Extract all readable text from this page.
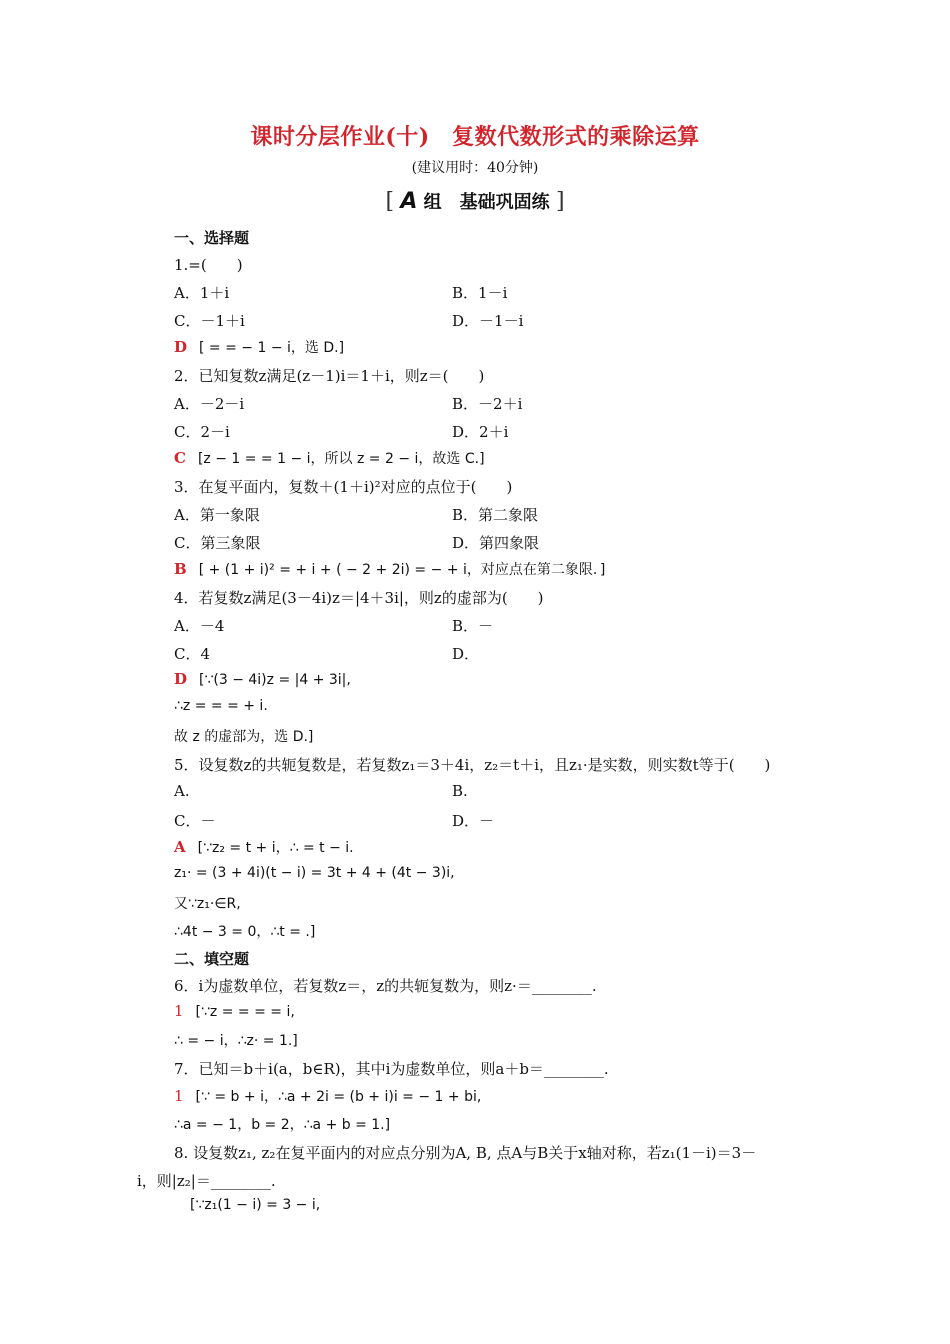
课时分层作业(十)　复数代数形式的乘除运算
(建议用时：40分钟)
[ A 组　基础巩固练 ]
一、选择题
1.=(　　)
A．1＋i	B．1－i
C．－1＋i	D．－1－i
D [ = = − 1 − i，选 D.]
2．已知复数z满足(z－1)i＝1＋i，则z＝(　　)
A．－2－i	B．－2＋i
C．2－i	D．2＋i
C [z − 1 = = 1 − i，所以 z = 2 − i，故选 C.]
3．在复平面内，复数＋(1＋i)²对应的点位于(　　)
A．第一象限	B．第二象限
C．第三象限	D．第四象限
B [ + (1 + i)² = + i + ( − 2 + 2i) = − + i，对应点在第二象限．]
4．若复数z满足(3－4i)z＝|4＋3i|，则z的虚部为(　　)
A．－4	B．－
C．4	D．
D [∵(3 − 4i)z = |4 + 3i|,
∴z = = = + i.
故 z 的虚部为，选 D.]
5．设复数z的共轭复数是，若复数z₁＝3＋4i，z₂＝t＋i，且z₁·是实数，则实数t等于(　　)
A.	B.
C．－	D．－
A [∵z₂ = t + i，∴ = t − i.
z₁· = (3 + 4i)(t − i) = 3t + 4 + (4t − 3)i,
又∵z₁·∈R,
∴4t − 3 = 0，∴t = .]
二、填空题
6．i为虚数单位，若复数z＝，z的共轭复数为，则z·＝________.
1 [∵z = = = = i,
∴ = − i，∴z· = 1.]
7．已知＝b＋i(a，b∈R)，其中i为虚数单位，则a＋b＝________.
1 [∵ = b + i，∴a + 2i = (b + i)i = − 1 + bi,
∴a = − 1，b = 2，∴a + b = 1.]
8. 设复数z₁, z₂在复平面内的对应点分别为A, B, 点A与B关于x轴对称，若z₁(1－i)＝3－
i，则|z₂|＝________.
[∵z₁(1 − i) = 3 − i,
